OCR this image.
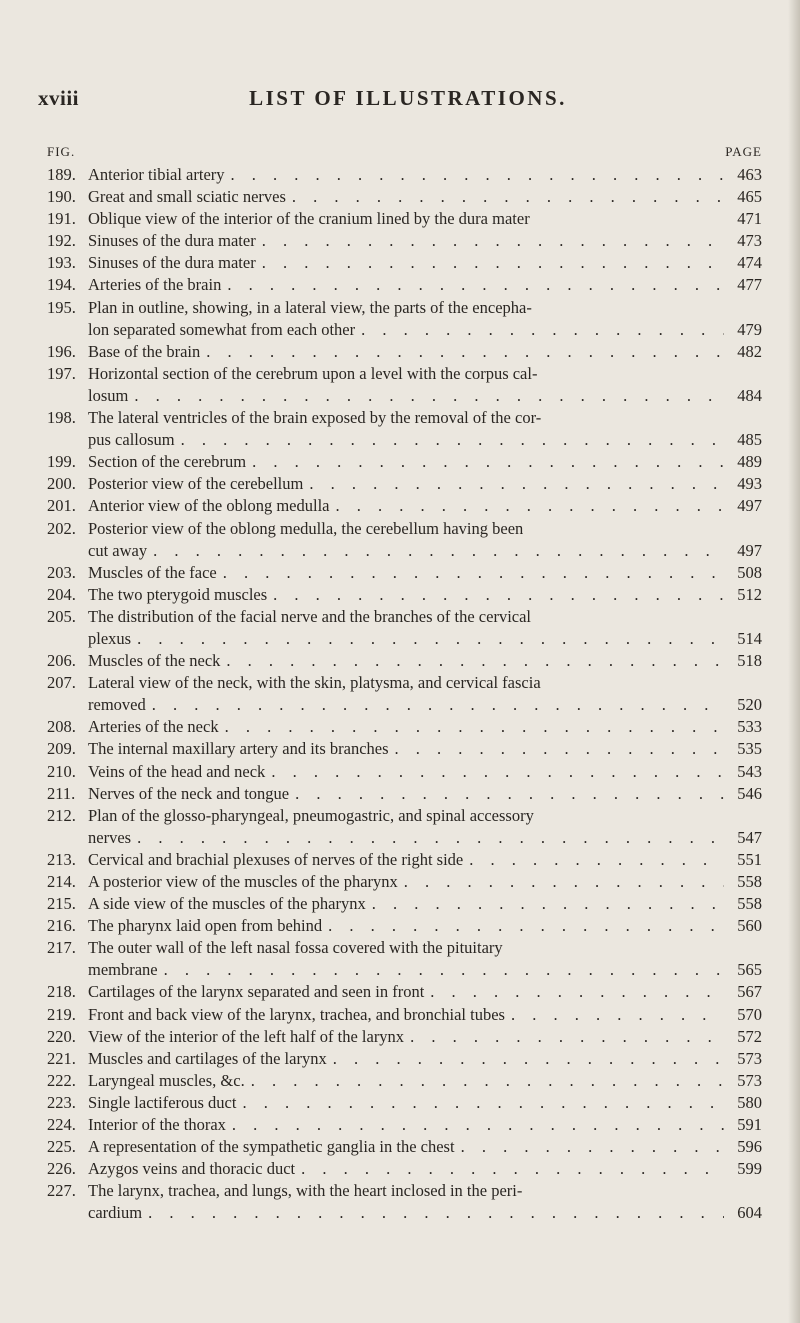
xviii	LIST OF ILLUSTRATIONS.
FIG.	PAGE
189. Anterior tibial artery . . .	463
190. Great and small sciatic nerves . . .	465
191. Oblique view of the interior of the cranium lined by the dura mater	471
192. Sinuses of the dura mater . . .	473
193. Sinuses of the dura mater . . .	474
194. Arteries of the brain . . .	477
195. Plan in outline, showing, in a lateral view, the parts of the encepha-
lon separated somewhat from each other . . .	479
196. Base of the brain . . .	482
197. Horizontal section of the cerebrum upon a level with the corpus cal-
losum . . .	484
198. The lateral ventricles of the brain exposed by the removal of the cor-
pus callosum . . .	485
199. Section of the cerebrum . . .	489
200. Posterior view of the cerebellum . . .	493
201. Anterior view of the oblong medulla . . .	497
202. Posterior view of the oblong medulla, the cerebellum having been
cut away . . .	497
203. Muscles of the face . . .	508
204. The two pterygoid muscles . . .	512
205. The distribution of the facial nerve and the branches of the cervical
plexus . . .	514
206. Muscles of the neck . . .	518
207. Lateral view of the neck, with the skin, platysma, and cervical fascia
removed . . .	520
208. Arteries of the neck . . .	533
209. The internal maxillary artery and its branches . . .	535
210. Veins of the head and neck . . .	543
211. Nerves of the neck and tongue . . .	546
212. Plan of the glosso-pharyngeal, pneumogastric, and spinal accessory
nerves . . .	547
213. Cervical and brachial plexuses of nerves of the right side . . .	551
214. A posterior view of the muscles of the pharynx . . .	558
215. A side view of the muscles of the pharynx . . .	558
216. The pharynx laid open from behind . . .	560
217. The outer wall of the left nasal fossa covered with the pituitary
membrane . . .	565
218. Cartilages of the larynx separated and seen in front . . .	567
219. Front and back view of the larynx, trachea, and bronchial tubes . . .	570
220. View of the interior of the left half of the larynx . . .	572
221. Muscles and cartilages of the larynx . . .	573
222. Laryngeal muscles, &c. . . .	573
223. Single lactiferous duct . . .	580
224. Interior of the thorax . . .	591
225. A representation of the sympathetic ganglia in the chest . . .	596
226. Azygos veins and thoracic duct . . .	599
227. The larynx, trachea, and lungs, with the heart inclosed in the peri-
cardium . . .	604
